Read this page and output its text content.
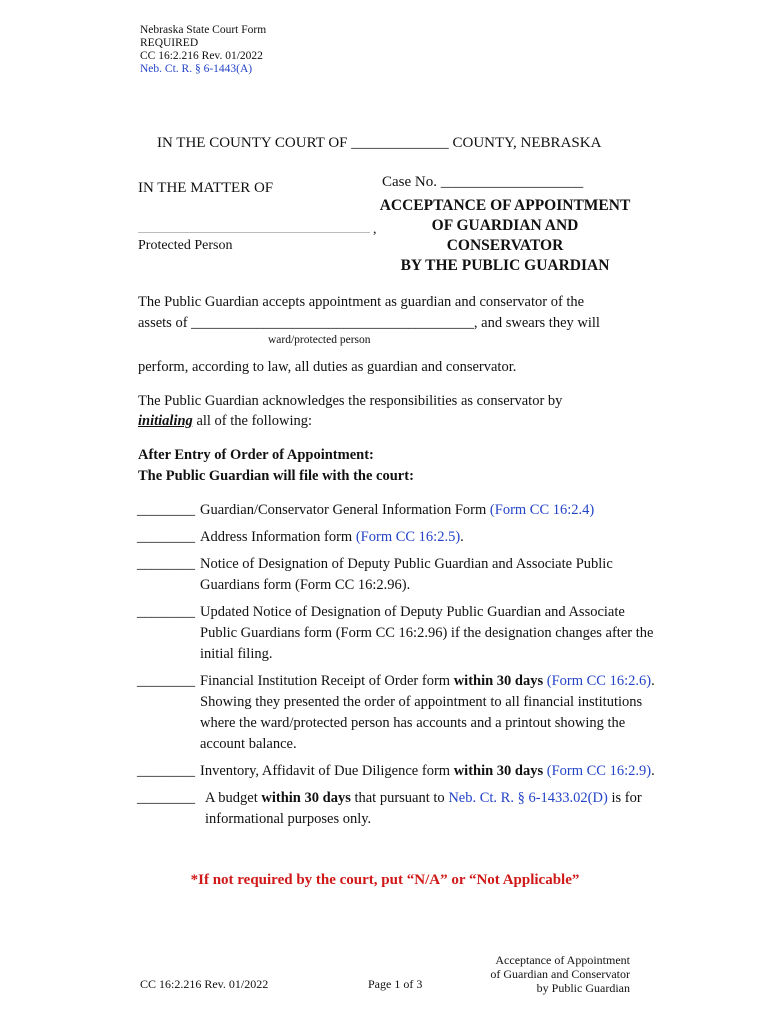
Nebraska State Court Form
REQUIRED
CC 16:2.216 Rev. 01/2022
Neb. Ct. R. § 6-1443(A)
IN THE COUNTY COURT OF _____________ COUNTY, NEBRASKA
IN THE MATTER OF	Case No. ___________________
,
Protected Person
ACCEPTANCE OF APPOINTMENT
OF GUARDIAN AND
CONSERVATOR
BY THE PUBLIC GUARDIAN
The Public Guardian accepts appointment as guardian and conservator of the
assets of _______________________________________, and swears they will
ward/protected person
perform, according to law, all duties as guardian and conservator.
The Public Guardian acknowledges the responsibilities as conservator by
initialing all of the following:
After Entry of Order of Appointment:
The Public Guardian will file with the court:
________ Guardian/Conservator General Information Form (Form CC 16:2.4)
________ Address Information form (Form CC 16:2.5).
________ Notice of Designation of Deputy Public Guardian and Associate Public Guardians form (Form CC 16:2.96).
________ Updated Notice of Designation of Deputy Public Guardian and Associate Public Guardians form (Form CC 16:2.96) if the designation changes after the initial filing.
________ Financial Institution Receipt of Order form within 30 days (Form CC 16:2.6). Showing they presented the order of appointment to all financial institutions where the ward/protected person has accounts and a printout showing the account balance.
________ Inventory, Affidavit of Due Diligence form within 30 days (Form CC 16:2.9).
________ A budget within 30 days that pursuant to Neb. Ct. R. § 6-1433.02(D) is for informational purposes only.
*If not required by the court, put “N/A” or “Not Applicable”
CC 16:2.216 Rev. 01/2022	Page 1 of 3
Acceptance of Appointment
of Guardian and Conservator
by Public Guardian
